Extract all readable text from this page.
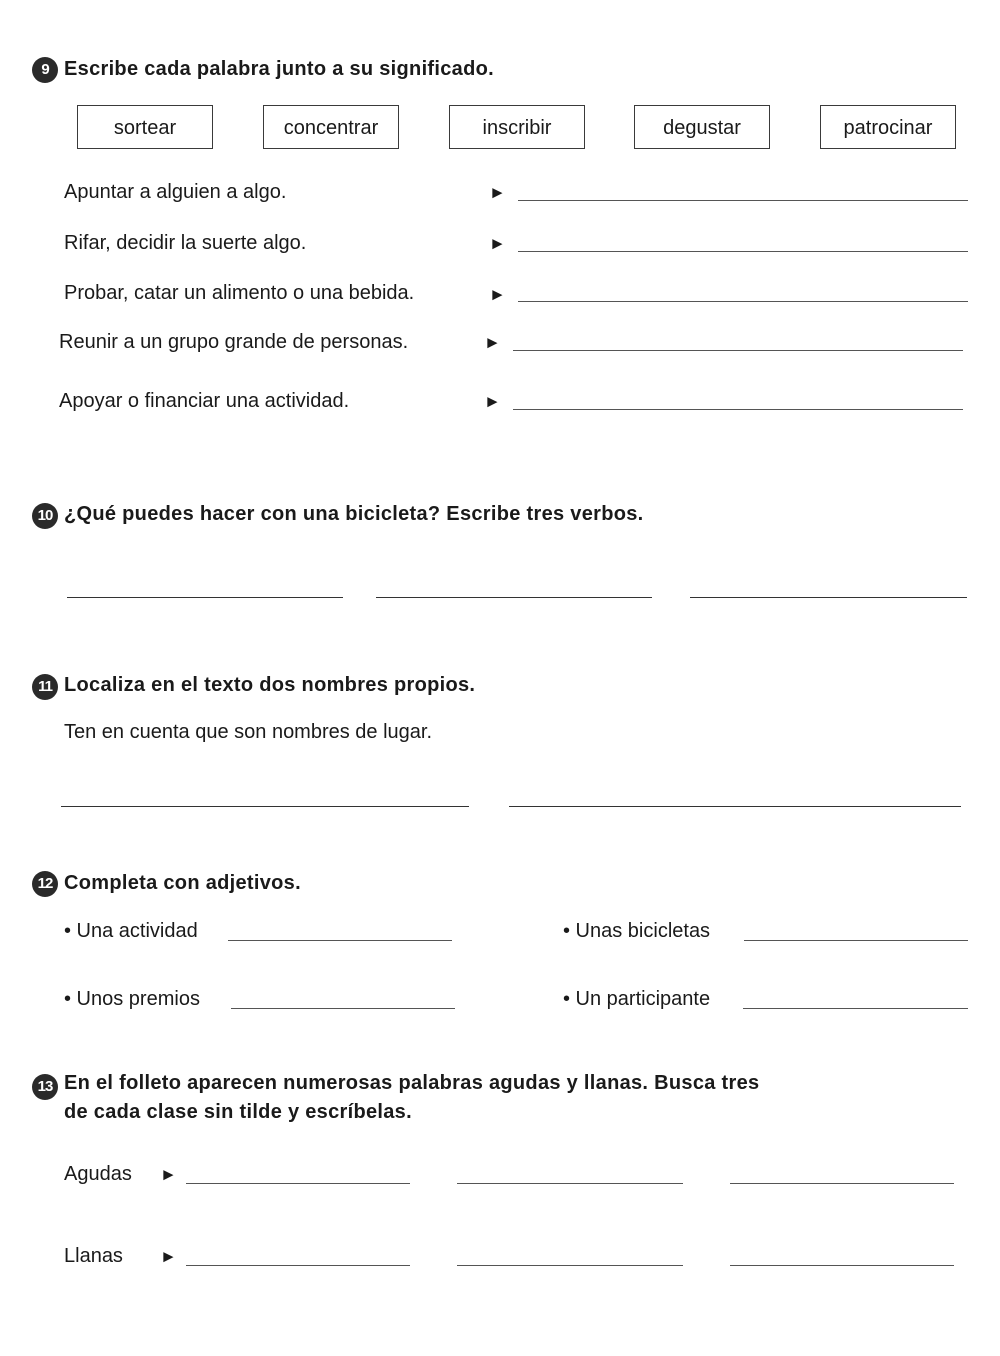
9 Escribe cada palabra junto a su significado.
sortear	concentrar	inscribir	degustar	patrocinar
Apuntar a alguien a algo.	►
Rifar, decidir la suerte algo.	►
Probar, catar un alimento o una bebida.	►
Reunir a un grupo grande de personas.	►
Apoyar o financiar una actividad.	►
10 ¿Qué puedes hacer con una bicicleta? Escribe tres verbos.
11 Localiza en el texto dos nombres propios.
Ten en cuenta que son nombres de lugar.
12 Completa con adjetivos.
• Una actividad	• Unas bicicletas
• Unos premios	• Un participante
13 En el folleto aparecen numerosas palabras agudas y llanas. Busca tres
de cada clase sin tilde y escríbelas.
Agudas ►
Llanas ►
